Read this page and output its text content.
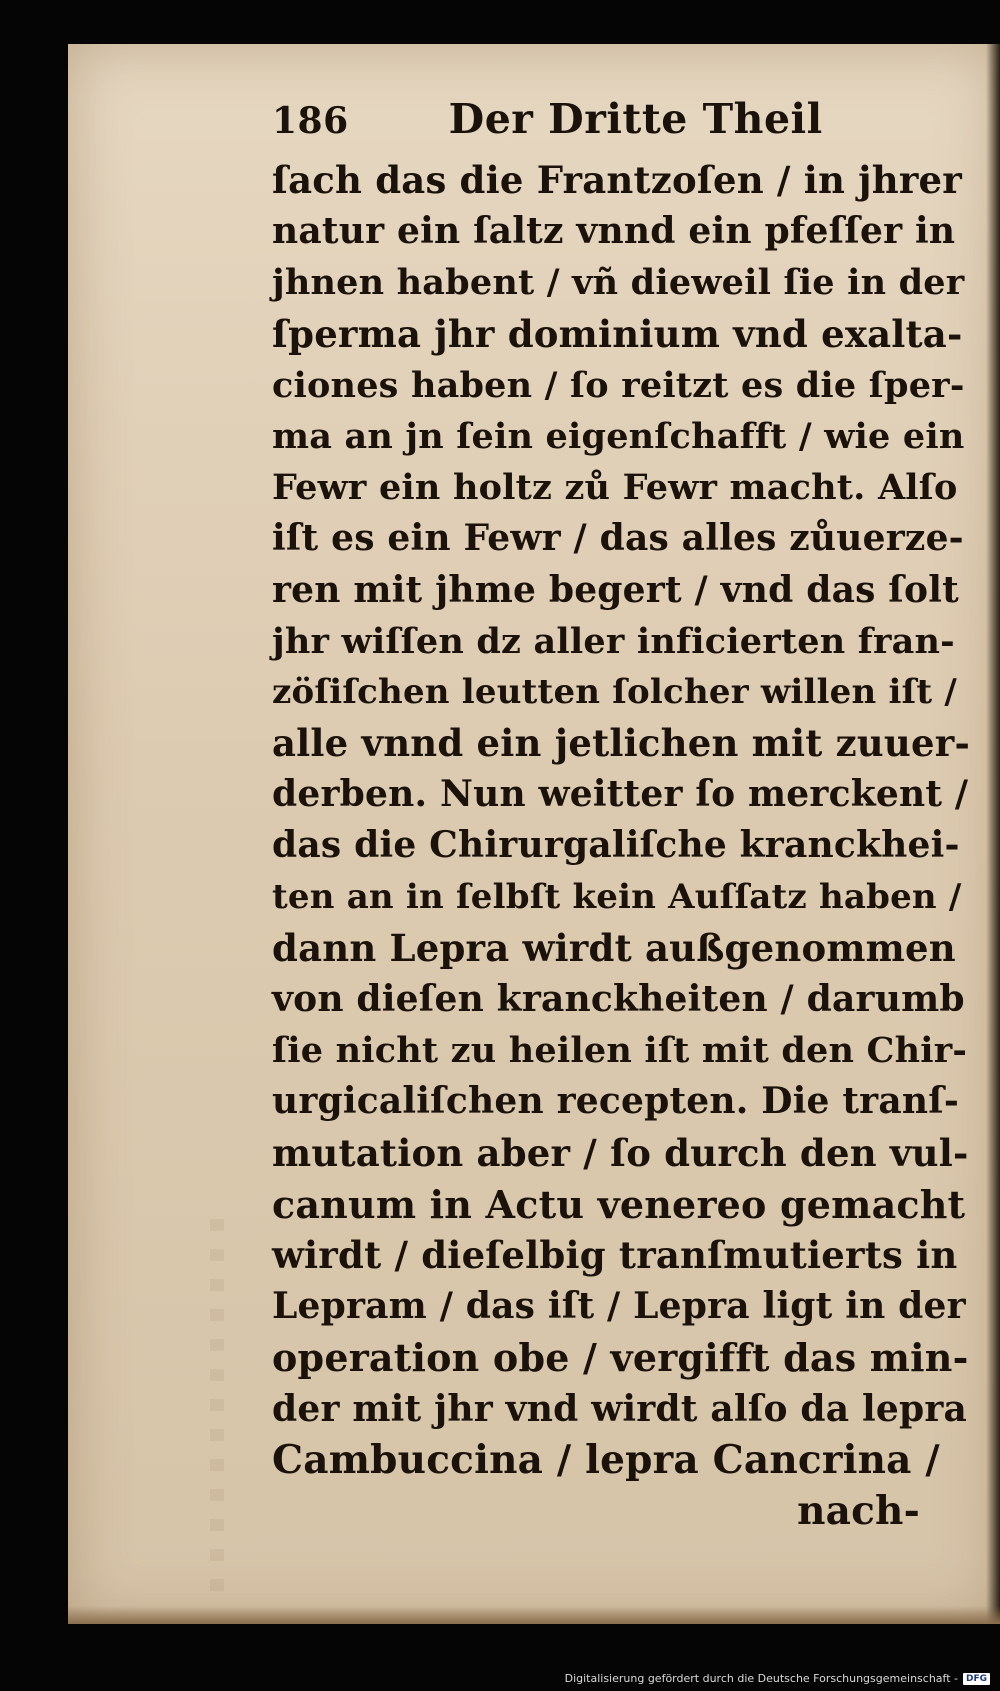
186 Der Dritte Theil
ſach das die Frantzoſen / in jhrer
natur ein ſaltz vnnd ein pfeſſer in
jhnen habent / vñ dieweil ſie in der
ſperma jhr dominium vnd exalta-
ciones haben / ſo reitzt es die ſper-
ma an jn ſein eigenſchafft / wie ein
Fewr ein holtz zů Fewr macht. Alſo
iſt es ein Fewr / das alles zůuerze-
ren mit jhme begert / vnd das ſolt
jhr wiſſen dz aller inficierten fran-
zöſiſchen leutten ſolcher willen iſt /
alle vnnd ein jetlichen mit zuuer-
derben. Nun weitter ſo merckent /
das die Chirurgaliſche kranckhei-
ten an in ſelbſt kein Auſſatz haben /
dann Lepra wirdt außgenommen
von dieſen kranckheiten / darumb
ſie nicht zu heilen iſt mit den Chir-
urgicaliſchen recepten. Die tranſ-
mutation aber / ſo durch den vul-
canum in Actu venereo gemacht
wirdt / dieſelbig tranſmutierts in
Lepram / das iſt / Lepra ligt in der
operation obe / vergifft das min-
der mit jhr vnd wirdt alſo da lepra
Cambuccina / lepra Cancrina /
nach-
Digitalisierung gefördert durch die Deutsche Forschungsgemeinschaft - DFG
